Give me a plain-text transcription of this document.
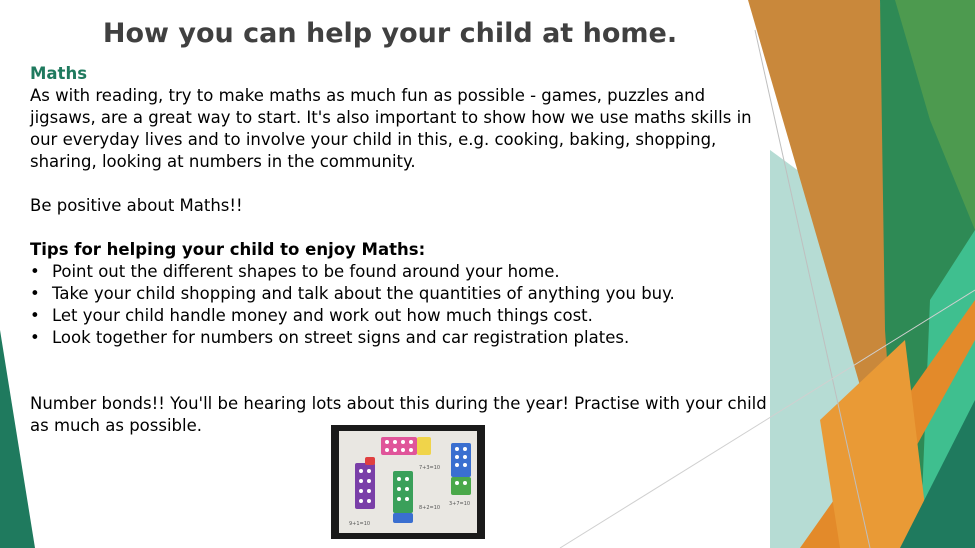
How you can help your child at home.

Maths

As with reading, try to make maths as much fun as possible - games, puzzles and jigsaws, are a great way to start. It's also important to show how we use maths skills in our everyday lives and to involve your child in this, e.g. cooking, baking, shopping, sharing, looking at numbers in the community.

Be positive about Maths!!

Tips for helping your child to enjoy Maths:

• Point out the different shapes to be found around your home.
• Take your child shopping and talk about the quantities of anything you buy.
• Let your child handle money and work out how much things cost.
• Look together for numbers on street signs and car registration plates.

Number bonds!! You'll be hearing lots about this during the year! Practise with your child as much as possible.

7+3=10
8+2=10
9+1=10
3+7=10
